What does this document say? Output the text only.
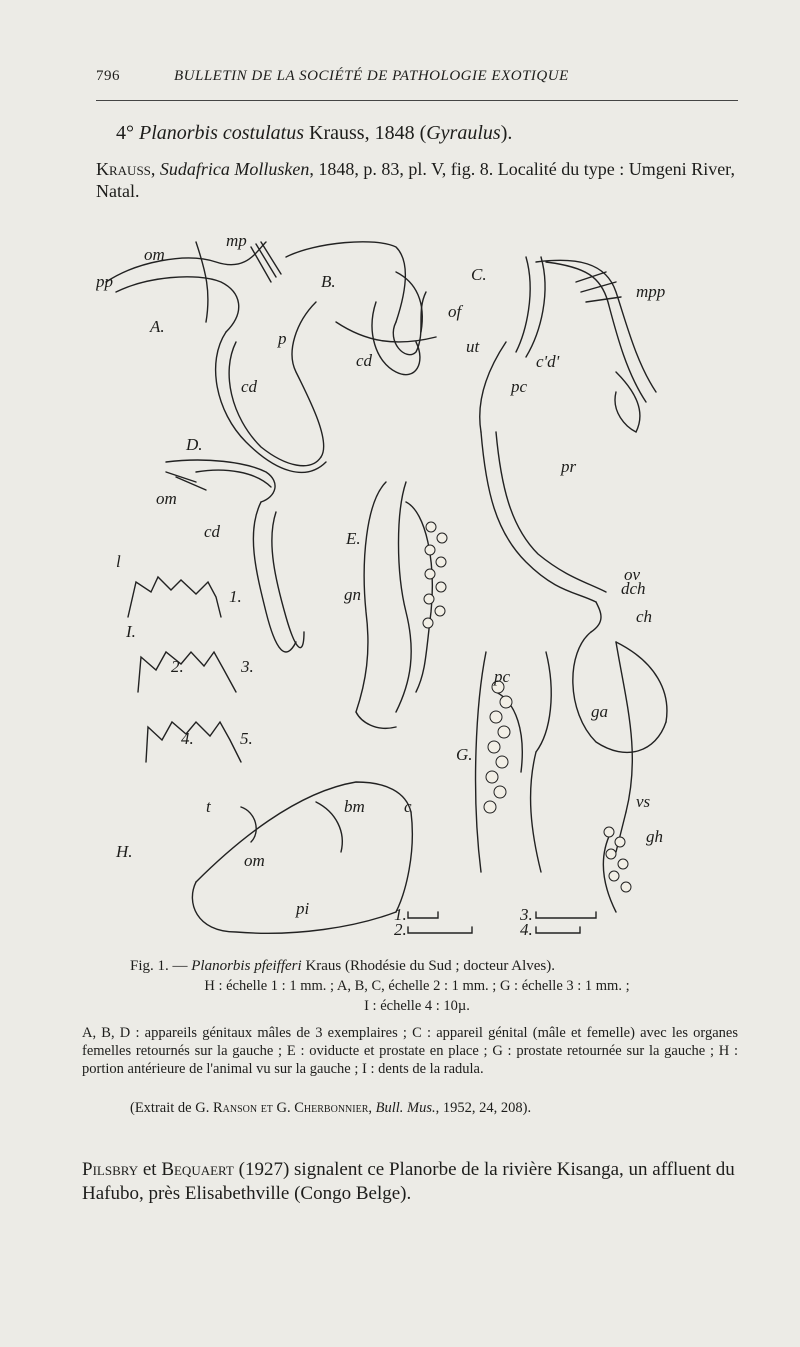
796	BULLETIN DE LA SOCIÉTÉ DE PATHOLOGIE EXOTIQUE
4° Planorbis costulatus Krauss, 1848 (Gyraulus).
Krauss, Sudafrica Mollusken, 1848, p. 83, pl. V, fig. 8. Localité du type : Umgeni River, Natal.
om
mp
pp
A.
p
cd
B.
cd
C.
of
ut
c'd'
pc
mpp
D.
om
cd	E.
gn
pr
ov
dch
ch
ga
vs
gh
G.
pc
l
I.
1.
2.	3.
4.	5.
t	bm c
H.	om
pi	1.
2.
3.
4.
Fig. 1. — Planorbis pfeifferi Kraus (Rhodésie du Sud ; docteur Alves).
H : échelle 1 : 1 mm. ; A, B, C, échelle 2 : 1 mm. ; G : échelle 3 : 1 mm. ;
I : échelle 4 : 10µ.
A, B, D : appareils génitaux mâles de 3 exemplaires ; C : appareil génital (mâle et femelle) avec les organes femelles retournés sur la gauche ; E : oviducte et prostate en place ; G : prostate retournée sur la gauche ; H : portion antérieure de l'animal vu sur la gauche ; I : dents de la radula.
(Extrait de G. Ranson et G. Cherbonnier, Bull. Mus., 1952, 24, 208).
Pilsbry et Bequaert (1927) signalent ce Planorbe de la rivière Kisanga, un affluent du Hafubo, près Elisabethville (Congo Belge).
